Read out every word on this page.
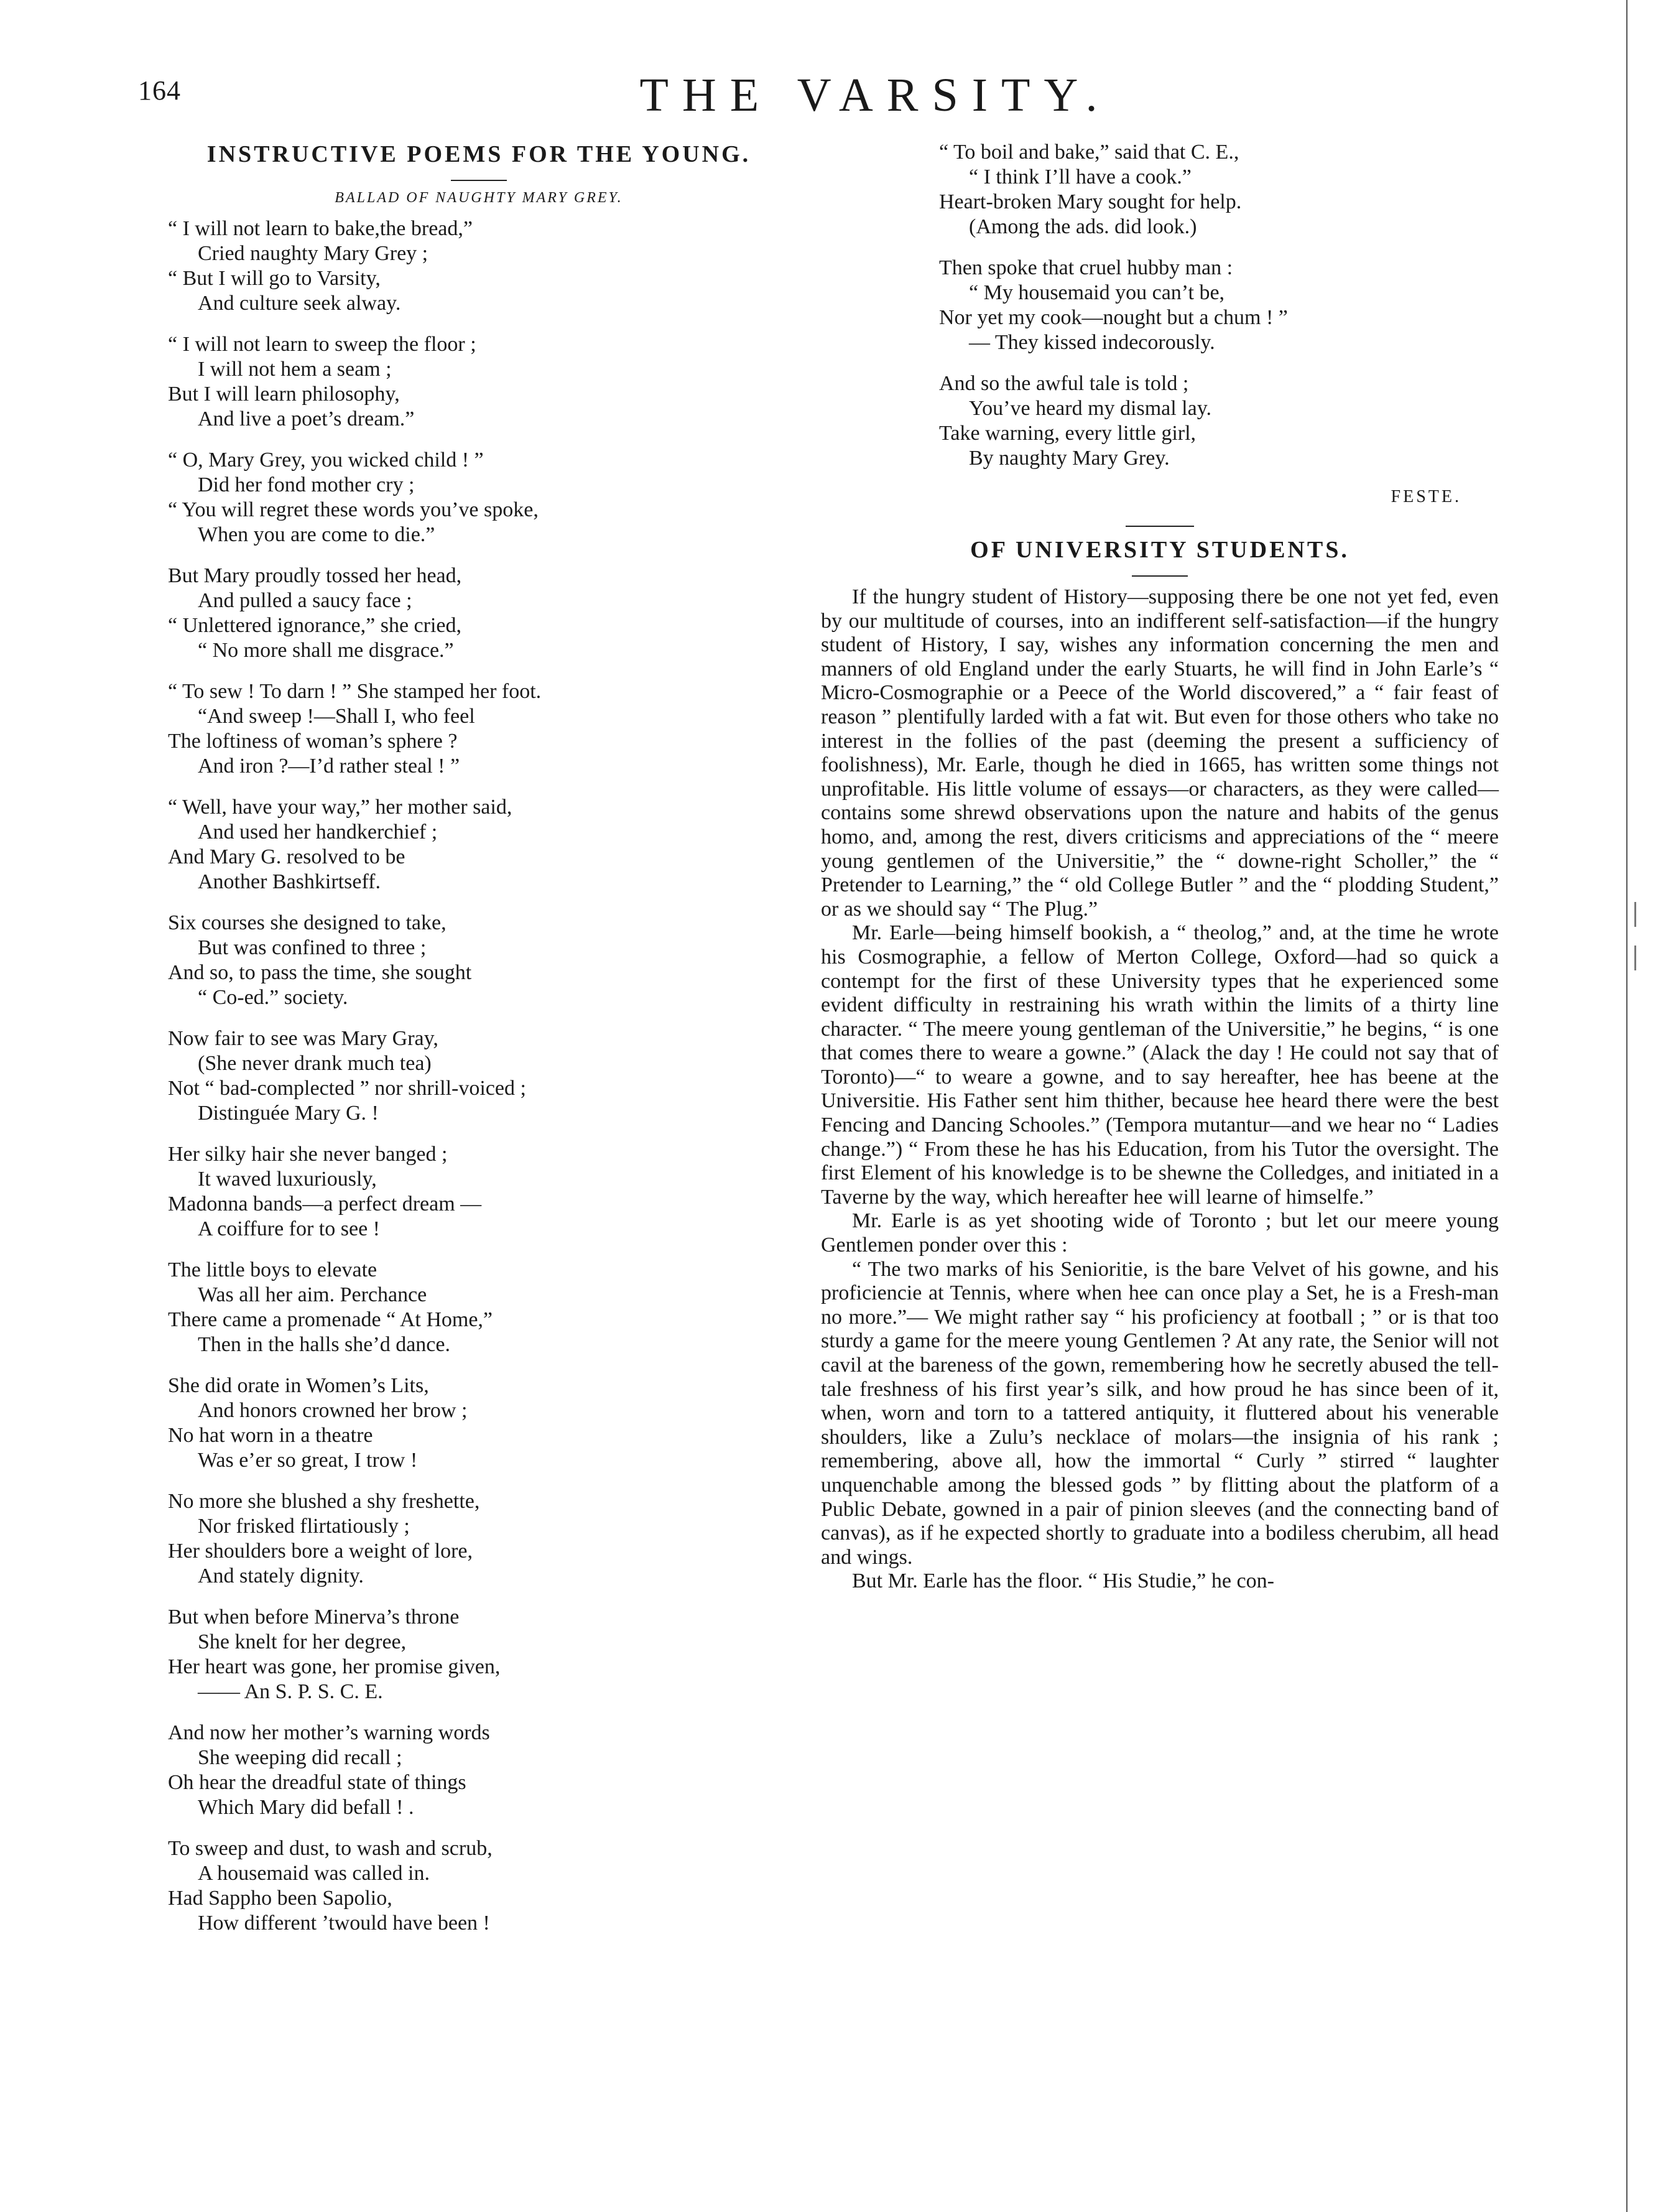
164	THE VARSITY.
INSTRUCTIVE POEMS FOR THE YOUNG.
BALLAD OF NAUGHTY MARY GREY.
“ I will not learn to bake,the bread,”
Cried naughty Mary Grey ;
“ But I will go to Varsity,
And culture seek alway.
“ I will not learn to sweep the floor ;
I will not hem a seam ;
But I will learn philosophy,
And live a poet’s dream.”
“ O, Mary Grey, you wicked child ! ”
Did her fond mother cry ;
“ You will regret these words you’ve spoke,
When you are come to die.”
But Mary proudly tossed her head,
And pulled a saucy face ;
“ Unlettered ignorance,” she cried,
“ No more shall me disgrace.”
“ To sew ! To darn ! ” She stamped her foot.
“And sweep !—Shall I, who feel
The loftiness of woman’s sphere ?
And iron ?—I’d rather steal ! ”
“ Well, have your way,” her mother said,
And used her handkerchief ;
And Mary G. resolved to be
Another Bashkirtseff.
Six courses she designed to take,
But was confined to three ;
And so, to pass the time, she sought
“ Co-ed.” society.
Now fair to see was Mary Gray,
(She never drank much tea)
Not “ bad-complected ” nor shrill-voiced ;
Distinguée Mary G. !
Her silky hair she never banged ;
It waved luxuriously,
Madonna bands—a perfect dream —
A coiffure for to see !
The little boys to elevate
Was all her aim. Perchance
There came a promenade “ At Home,”
Then in the halls she’d dance.
She did orate in Women’s Lits,
And honors crowned her brow ;
No hat worn in a theatre
Was e’er so great, I trow !
No more she blushed a shy freshette,
Nor frisked flirtatiously ;
Her shoulders bore a weight of lore,
And stately dignity.
But when before Minerva’s throne
She knelt for her degree,
Her heart was gone, her promise given,
—— An S. P. S. C. E.
And now her mother’s warning words
She weeping did recall ;
Oh hear the dreadful state of things
Which Mary did befall ! .
To sweep and dust, to wash and scrub,
A housemaid was called in.
Had Sappho been Sapolio,
How different ’twould have been !
“ To boil and bake,” said that C. E.,
“ I think I’ll have a cook.”
Heart-broken Mary sought for help.
(Among the ads. did look.)
Then spoke that cruel hubby man :
“ My housemaid you can’t be,
Nor yet my cook—nought but a chum ! ”
— They kissed indecorously.
And so the awful tale is told ;
You’ve heard my dismal lay.
Take warning, every little girl,
By naughty Mary Grey.
FESTE.
OF UNIVERSITY STUDENTS.

If the hungry student of History—supposing there be one not yet fed, even by our multitude of courses, into an indifferent self-satisfaction—if the hungry student of History, I say, wishes any information concerning the men and manners of old England under the early Stuarts, he will find in John Earle’s “ Micro-Cosmographie or a Peece of the World discovered,” a “ fair feast of reason ” plentifully larded with a fat wit. But even for those others who take no interest in the follies of the past (deeming the present a sufficiency of foolishness), Mr. Earle, though he died in 1665, has written some things not unprofitable. His little volume of essays—or characters, as they were called—contains some shrewd observations upon the nature and habits of the genus homo, and, among the rest, divers criticisms and appreciations of the “ meere young gentlemen of the Universitie,” the “ downe-right Scholler,” the “ Pretender to Learning,” the “ old College Butler ” and the “ plodding Student,” or as we should say “ The Plug.”

Mr. Earle—being himself bookish, a “ theolog,” and, at the time he wrote his Cosmographie, a fellow of Merton College, Oxford—had so quick a contempt for the first of these University types that he experienced some evident difficulty in restraining his wrath within the limits of a thirty line character. “ The meere young gentleman of the Universitie,” he begins, “ is one that comes there to weare a gowne.” (Alack the day ! He could not say that of Toronto)—“ to weare a gowne, and to say hereafter, hee has beene at the Universitie. His Father sent him thither, because hee heard there were the best Fencing and Dancing Schooles.” (Tempora mutantur—and we hear no “ Ladies change.”) “ From these he has his Education, from his Tutor the oversight. The first Element of his knowledge is to be shewne the Colledges, and initiated in a Taverne by the way, which hereafter hee will learne of himselfe.”

Mr. Earle is as yet shooting wide of Toronto ; but let our meere young Gentlemen ponder over this :

“ The two marks of his Senioritie, is the bare Velvet of his gowne, and his proficiencie at Tennis, where when hee can once play a Set, he is a Fresh-man no more.”— We might rather say “ his proficiency at football ; ” or is that too sturdy a game for the meere young Gentlemen ? At any rate, the Senior will not cavil at the bareness of the gown, remembering how he secretly abused the tell-tale freshness of his first year’s silk, and how proud he has since been of it, when, worn and torn to a tattered antiquity, it fluttered about his venerable shoulders, like a Zulu’s necklace of molars—the insignia of his rank ; remembering, above all, how the immortal “ Curly ” stirred “ laughter unquenchable among the blessed gods ” by flitting about the platform of a Public Debate, gowned in a pair of pinion sleeves (and the connecting band of canvas), as if he expected shortly to graduate into a bodiless cherubim, all head and wings.

But Mr. Earle has the floor. “ His Studie,” he con-
